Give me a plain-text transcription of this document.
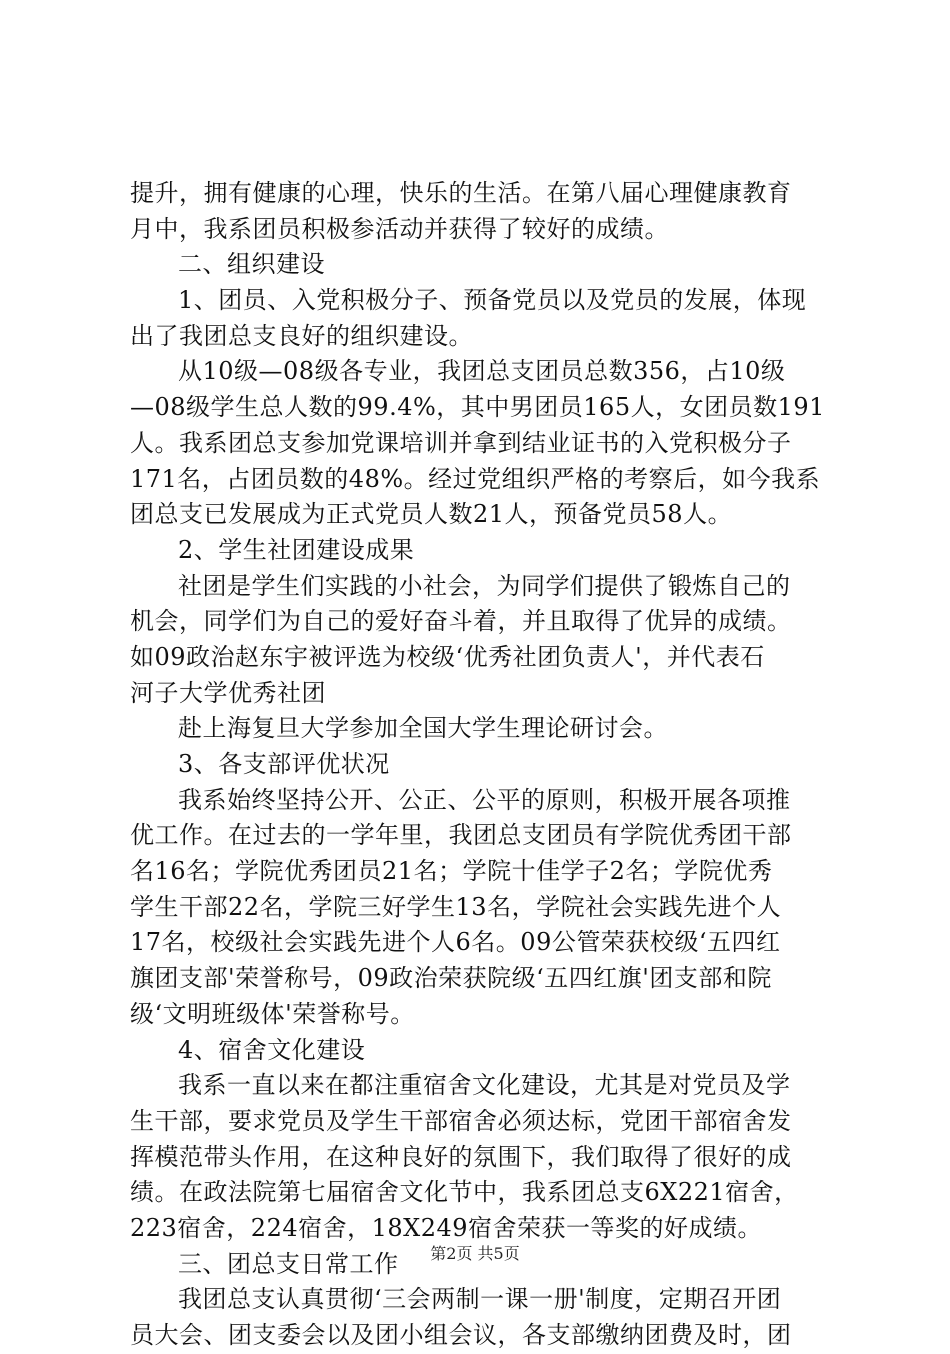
提升，拥有健康的心理，快乐的生活。在第八届心理健康教育
月中，我系团员积极参活动并获得了较好的成绩。
二、组织建设
1、团员、入党积极分子、预备党员以及党员的发展，体现
出了我团总支良好的组织建设。
从10级—08级各专业，我团总支团员总数356，占10级
—08级学生总人数的99.4%，其中男团员165人，女团员数191
人。我系团总支参加党课培训并拿到结业证书的入党积极分子
171名，占团员数的48%。经过党组织严格的考察后，如今我系
团总支已发展成为正式党员人数21人，预备党员58人。
2、学生社团建设成果
社团是学生们实践的小社会，为同学们提供了锻炼自己的
机会，同学们为自己的爱好奋斗着，并且取得了优异的成绩。
如09政治赵东宇被评选为校级‘优秀社团负责人'，并代表石
河子大学优秀社团
赴上海复旦大学参加全国大学生理论研讨会。
3、各支部评优状况
我系始终坚持公开、公正、公平的原则，积极开展各项推
优工作。在过去的一学年里，我团总支团员有学院优秀团干部
名16名；学院优秀团员21名；学院十佳学子2名；学院优秀
学生干部22名，学院三好学生13名，学院社会实践先进个人
17名，校级社会实践先进个人6名。09公管荣获校级‘五四红
旗团支部'荣誉称号，09政治荣获院级‘五四红旗'团支部和院
级‘文明班级体'荣誉称号。
4、宿舍文化建设
我系一直以来在都注重宿舍文化建设，尤其是对党员及学
生干部，要求党员及学生干部宿舍必须达标，党团干部宿舍发
挥模范带头作用，在这种良好的氛围下，我们取得了很好的成
绩。在政法院第七届宿舍文化节中，我系团总支6X221宿舍，
223宿舍，224宿舍，18X249宿舍荣获一等奖的好成绩。
三、团总支日常工作
我团总支认真贯彻‘三会两制一课一册'制度，定期召开团
员大会、团支委会以及团小组会议，各支部缴纳团费及时，团
第2页 共5页
